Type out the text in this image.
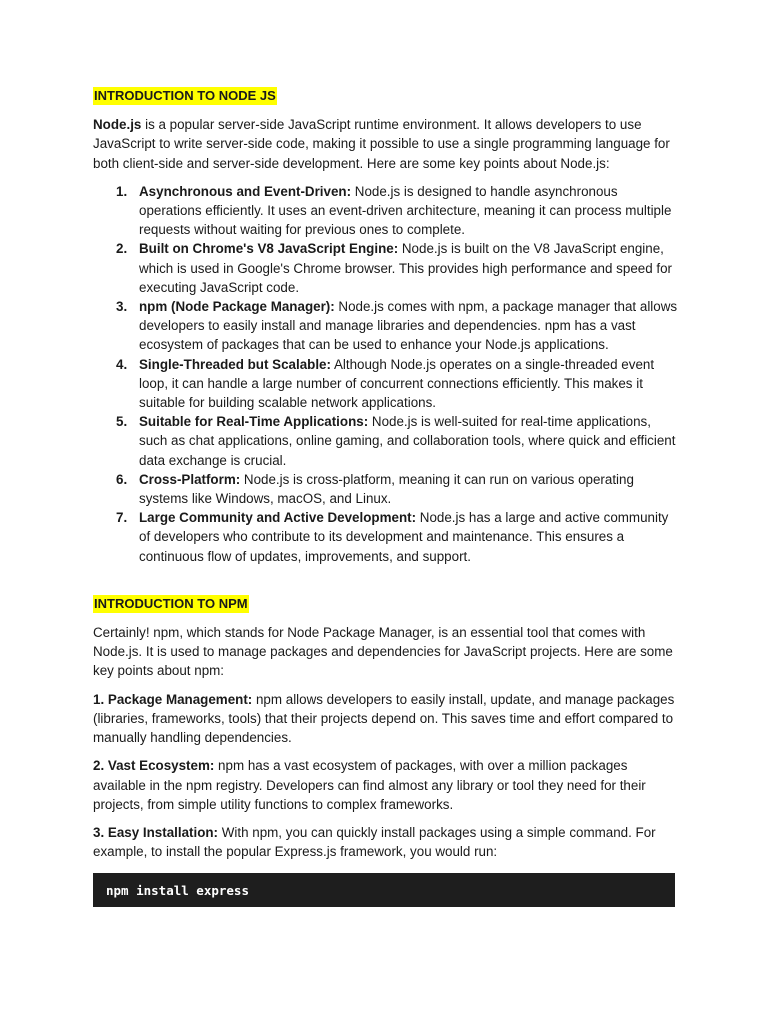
INTRODUCTION TO NODE JS

Node.js is a popular server-side JavaScript runtime environment. It allows developers to use JavaScript to write server-side code, making it possible to use a single programming language for both client-side and server-side development. Here are some key points about Node.js:

1. Asynchronous and Event-Driven: Node.js is designed to handle asynchronous operations efficiently. It uses an event-driven architecture, meaning it can process multiple requests without waiting for previous ones to complete.
2. Built on Chrome's V8 JavaScript Engine: Node.js is built on the V8 JavaScript engine, which is used in Google's Chrome browser. This provides high performance and speed for executing JavaScript code.
3. npm (Node Package Manager): Node.js comes with npm, a package manager that allows developers to easily install and manage libraries and dependencies. npm has a vast ecosystem of packages that can be used to enhance your Node.js applications.
4. Single-Threaded but Scalable: Although Node.js operates on a single-threaded event loop, it can handle a large number of concurrent connections efficiently. This makes it suitable for building scalable network applications.
5. Suitable for Real-Time Applications: Node.js is well-suited for real-time applications, such as chat applications, online gaming, and collaboration tools, where quick and efficient data exchange is crucial.
6. Cross-Platform: Node.js is cross-platform, meaning it can run on various operating systems like Windows, macOS, and Linux.
7. Large Community and Active Development: Node.js has a large and active community of developers who contribute to its development and maintenance. This ensures a continuous flow of updates, improvements, and support.

INTRODUCTION TO NPM

Certainly! npm, which stands for Node Package Manager, is an essential tool that comes with Node.js. It is used to manage packages and dependencies for JavaScript projects. Here are some key points about npm:

1. Package Management: npm allows developers to easily install, update, and manage packages (libraries, frameworks, tools) that their projects depend on. This saves time and effort compared to manually handling dependencies.

2. Vast Ecosystem: npm has a vast ecosystem of packages, with over a million packages available in the npm registry. Developers can find almost any library or tool they need for their projects, from simple utility functions to complex frameworks.

3. Easy Installation: With npm, you can quickly install packages using a simple command. For example, to install the popular Express.js framework, you would run:

npm install express
